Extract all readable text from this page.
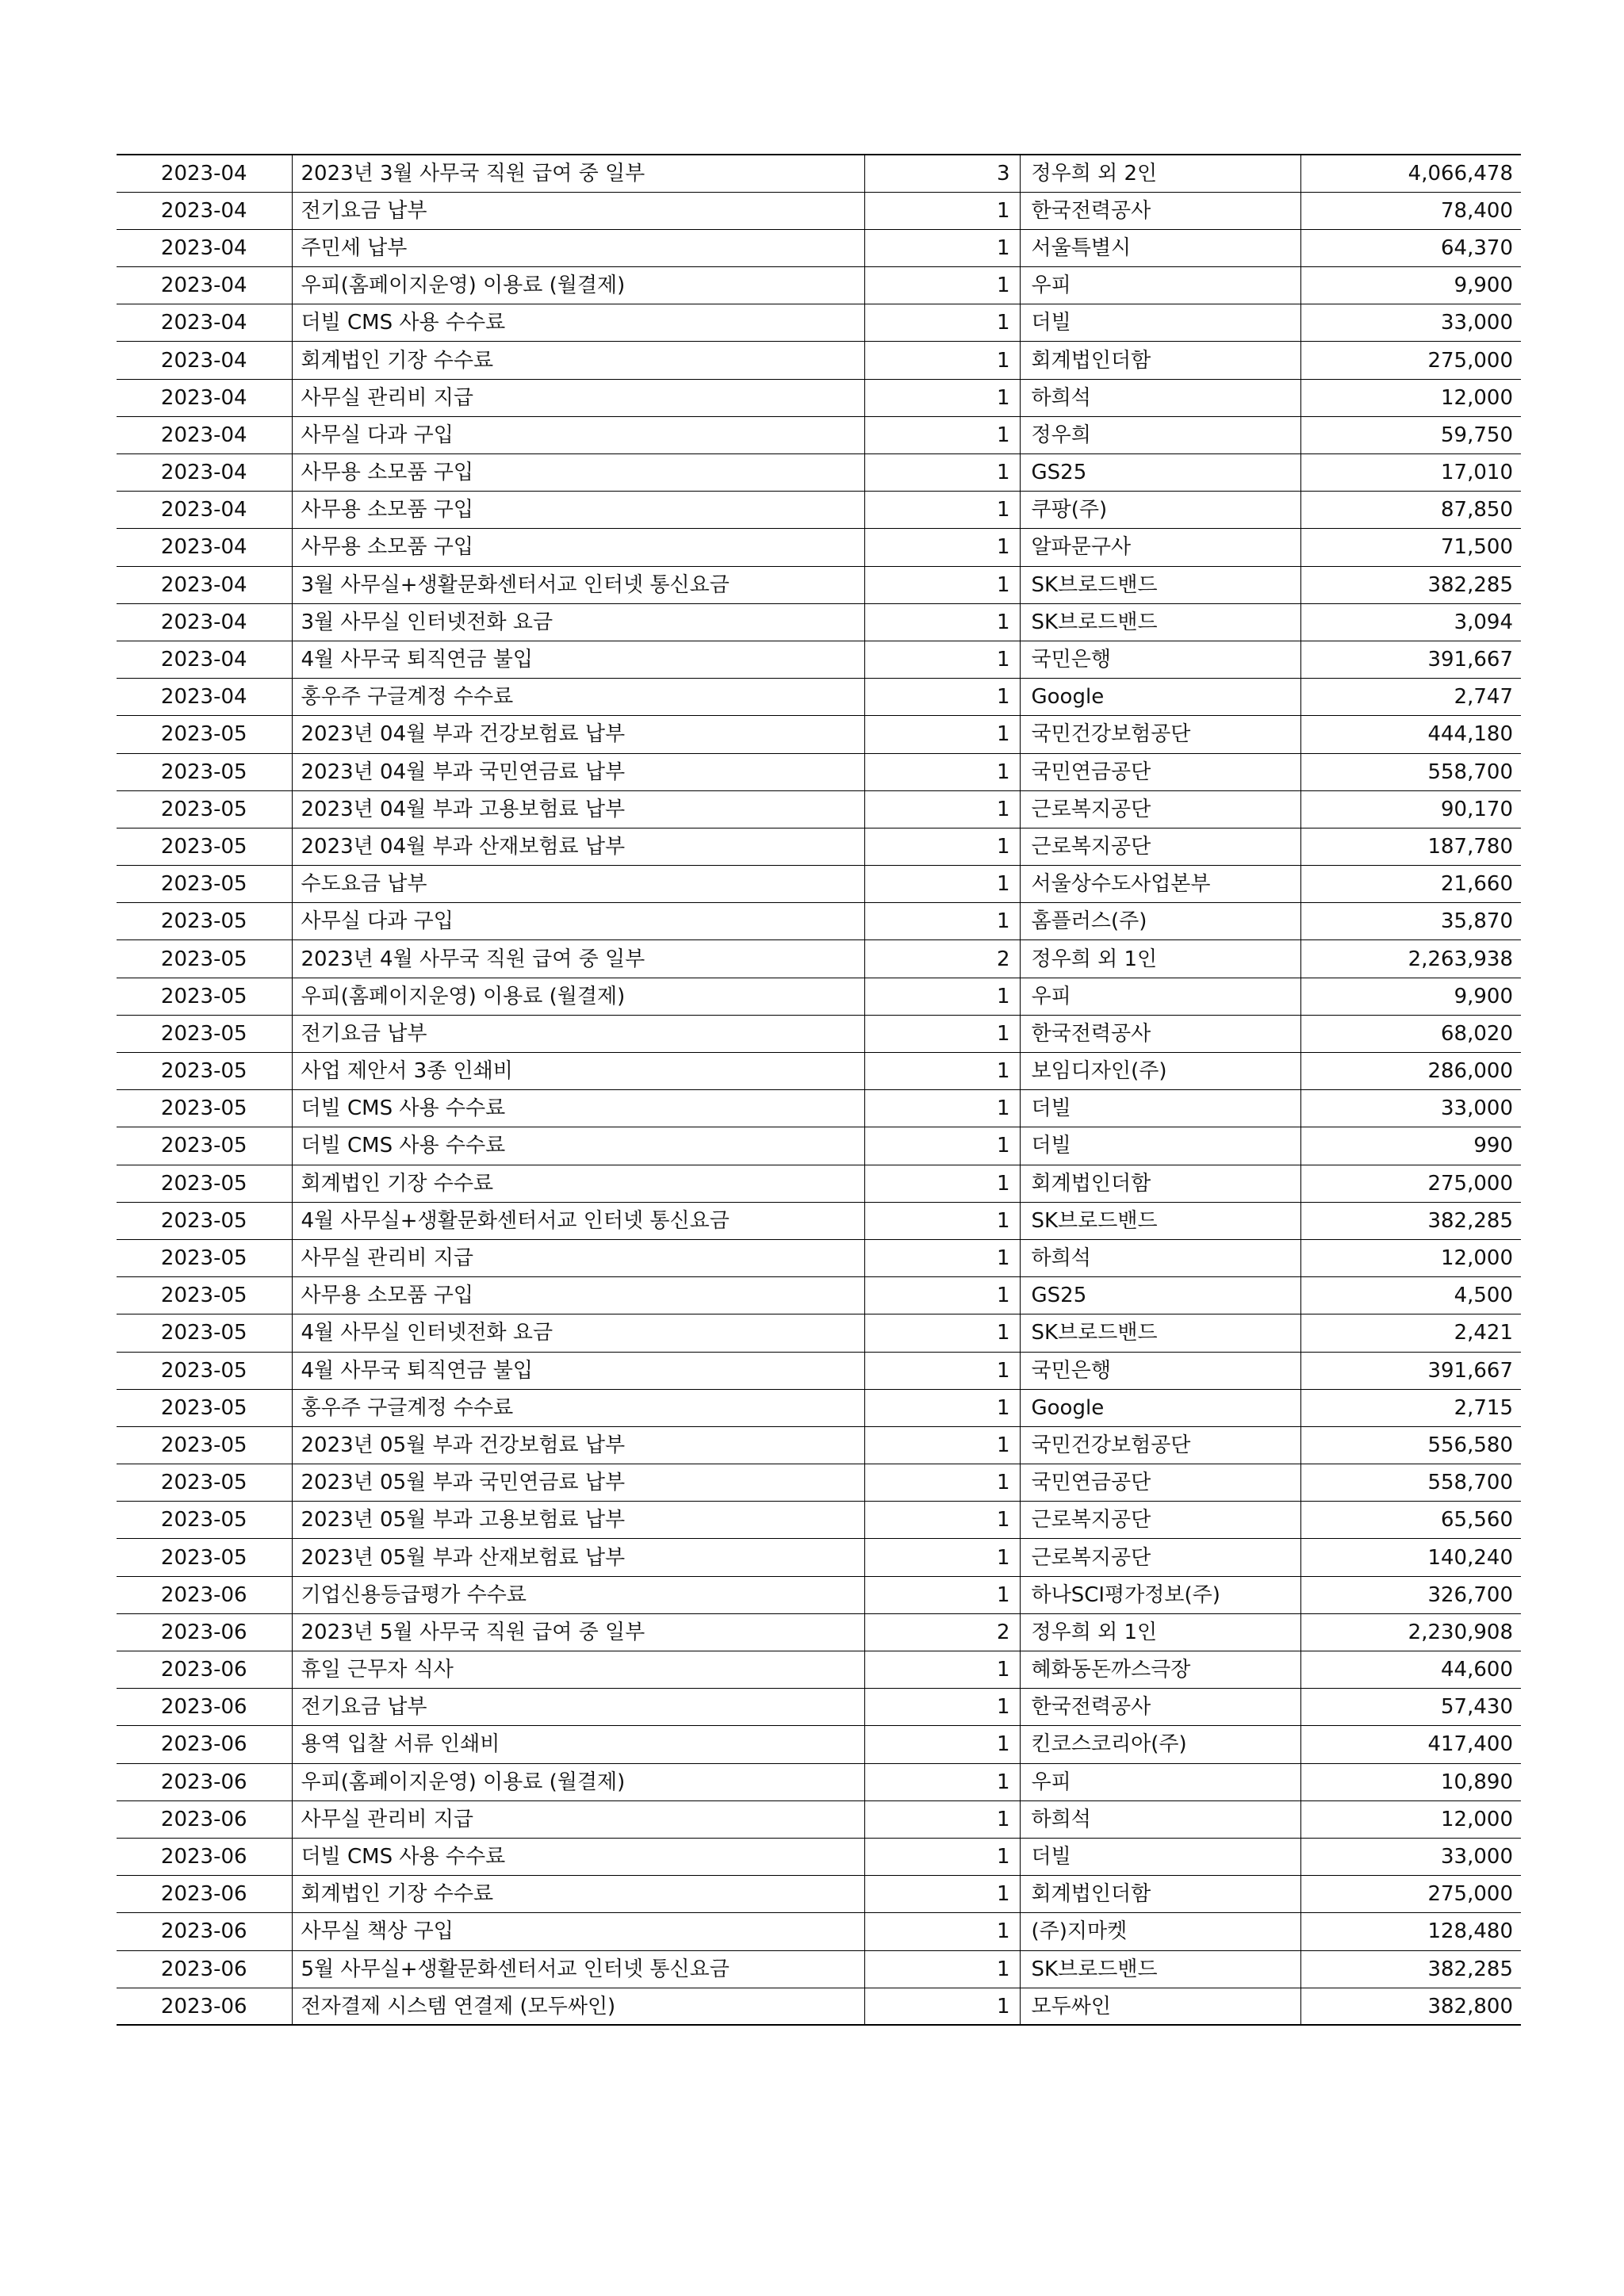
2023-04	2023년 3월 사무국 직원 급여 중 일부	3	정우희 외 2인	4,066,478
2023-04	전기요금 납부	1	한국전력공사	78,400
2023-04	주민세 납부	1	서울특별시	64,370
2023-04	우피(홈페이지운영) 이용료 (월결제)	1	우피	9,900
2023-04	더빌 CMS 사용 수수료	1	더빌	33,000
2023-04	회계법인 기장 수수료	1	회계법인더함	275,000
2023-04	사무실 관리비 지급	1	하희석	12,000
2023-04	사무실 다과 구입	1	정우희	59,750
2023-04	사무용 소모품 구입	1	GS25	17,010
2023-04	사무용 소모품 구입	1	쿠팡(주)	87,850
2023-04	사무용 소모품 구입	1	알파문구사	71,500
2023-04	3월 사무실+생활문화센터서교 인터넷 통신요금	1	SK브로드밴드	382,285
2023-04	3월 사무실 인터넷전화 요금	1	SK브로드밴드	3,094
2023-04	4월 사무국 퇴직연금 불입	1	국민은행	391,667
2023-04	홍우주 구글계정 수수료	1	Google	2,747
2023-05	2023년 04월 부과 건강보험료 납부	1	국민건강보험공단	444,180
2023-05	2023년 04월 부과 국민연금료 납부	1	국민연금공단	558,700
2023-05	2023년 04월 부과 고용보험료 납부	1	근로복지공단	90,170
2023-05	2023년 04월 부과 산재보험료 납부	1	근로복지공단	187,780
2023-05	수도요금 납부	1	서울상수도사업본부	21,660
2023-05	사무실 다과 구입	1	홈플러스(주)	35,870
2023-05	2023년 4월 사무국 직원 급여 중 일부	2	정우희 외 1인	2,263,938
2023-05	우피(홈페이지운영) 이용료 (월결제)	1	우피	9,900
2023-05	전기요금 납부	1	한국전력공사	68,020
2023-05	사업 제안서 3종 인쇄비	1	보임디자인(주)	286,000
2023-05	더빌 CMS 사용 수수료	1	더빌	33,000
2023-05	더빌 CMS 사용 수수료	1	더빌	990
2023-05	회계법인 기장 수수료	1	회계법인더함	275,000
2023-05	4월 사무실+생활문화센터서교 인터넷 통신요금	1	SK브로드밴드	382,285
2023-05	사무실 관리비 지급	1	하희석	12,000
2023-05	사무용 소모품 구입	1	GS25	4,500
2023-05	4월 사무실 인터넷전화 요금	1	SK브로드밴드	2,421
2023-05	4월 사무국 퇴직연금 불입	1	국민은행	391,667
2023-05	홍우주 구글계정 수수료	1	Google	2,715
2023-05	2023년 05월 부과 건강보험료 납부	1	국민건강보험공단	556,580
2023-05	2023년 05월 부과 국민연금료 납부	1	국민연금공단	558,700
2023-05	2023년 05월 부과 고용보험료 납부	1	근로복지공단	65,560
2023-05	2023년 05월 부과 산재보험료 납부	1	근로복지공단	140,240
2023-06	기업신용등급평가 수수료	1	하나SCI평가정보(주)	326,700
2023-06	2023년 5월 사무국 직원 급여 중 일부	2	정우희 외 1인	2,230,908
2023-06	휴일 근무자 식사	1	혜화동돈까스극장	44,600
2023-06	전기요금 납부	1	한국전력공사	57,430
2023-06	용역 입찰 서류 인쇄비	1	킨코스코리아(주)	417,400
2023-06	우피(홈페이지운영) 이용료 (월결제)	1	우피	10,890
2023-06	사무실 관리비 지급	1	하희석	12,000
2023-06	더빌 CMS 사용 수수료	1	더빌	33,000
2023-06	회계법인 기장 수수료	1	회계법인더함	275,000
2023-06	사무실 책상 구입	1	(주)지마켓	128,480
2023-06	5월 사무실+생활문화센터서교 인터넷 통신요금	1	SK브로드밴드	382,285
2023-06	전자결제 시스템 연결제 (모두싸인)	1	모두싸인	382,800
